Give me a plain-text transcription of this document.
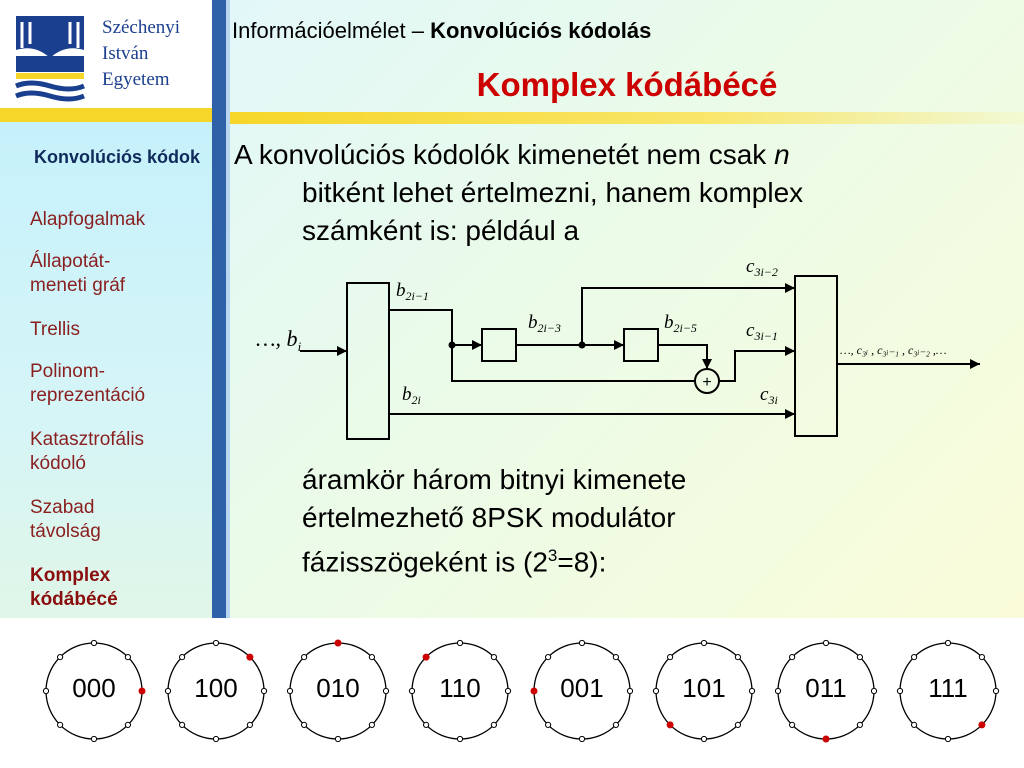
Széchenyi
István
Egyetem
Információelmélet – Konvolúciós kódolás
Komplex kódábécé
Konvolúciós kódok
Alapfogalmak
Állapotát-
meneti gráf
Trellis
Polinom-
reprezentáció
Katasztrofális
kódoló
Szabad
távolság
Komplex
kódábécé
A konvolúciós kódolók kimenetét nem csak n
bitként lehet értelmezni, hanem komplex
számként is: például a
…, $b_i$
$b_{2i-1}$
$b_{2i-3}$	$b_{2i-5}$
$b_{2i}$
$c_{3i-2}$
$c_{3i-1}$
$c_{3i}$
…, c₃ᵢ , c₃ᵢ₋₁ , c₃ᵢ₋₂ ,…
+
áramkör három bitnyi kimenete
értelmezhető 8PSK modulátor
fázisszögeként is $(2^3=8)$:
000	100	010	110	001	101	011	111
